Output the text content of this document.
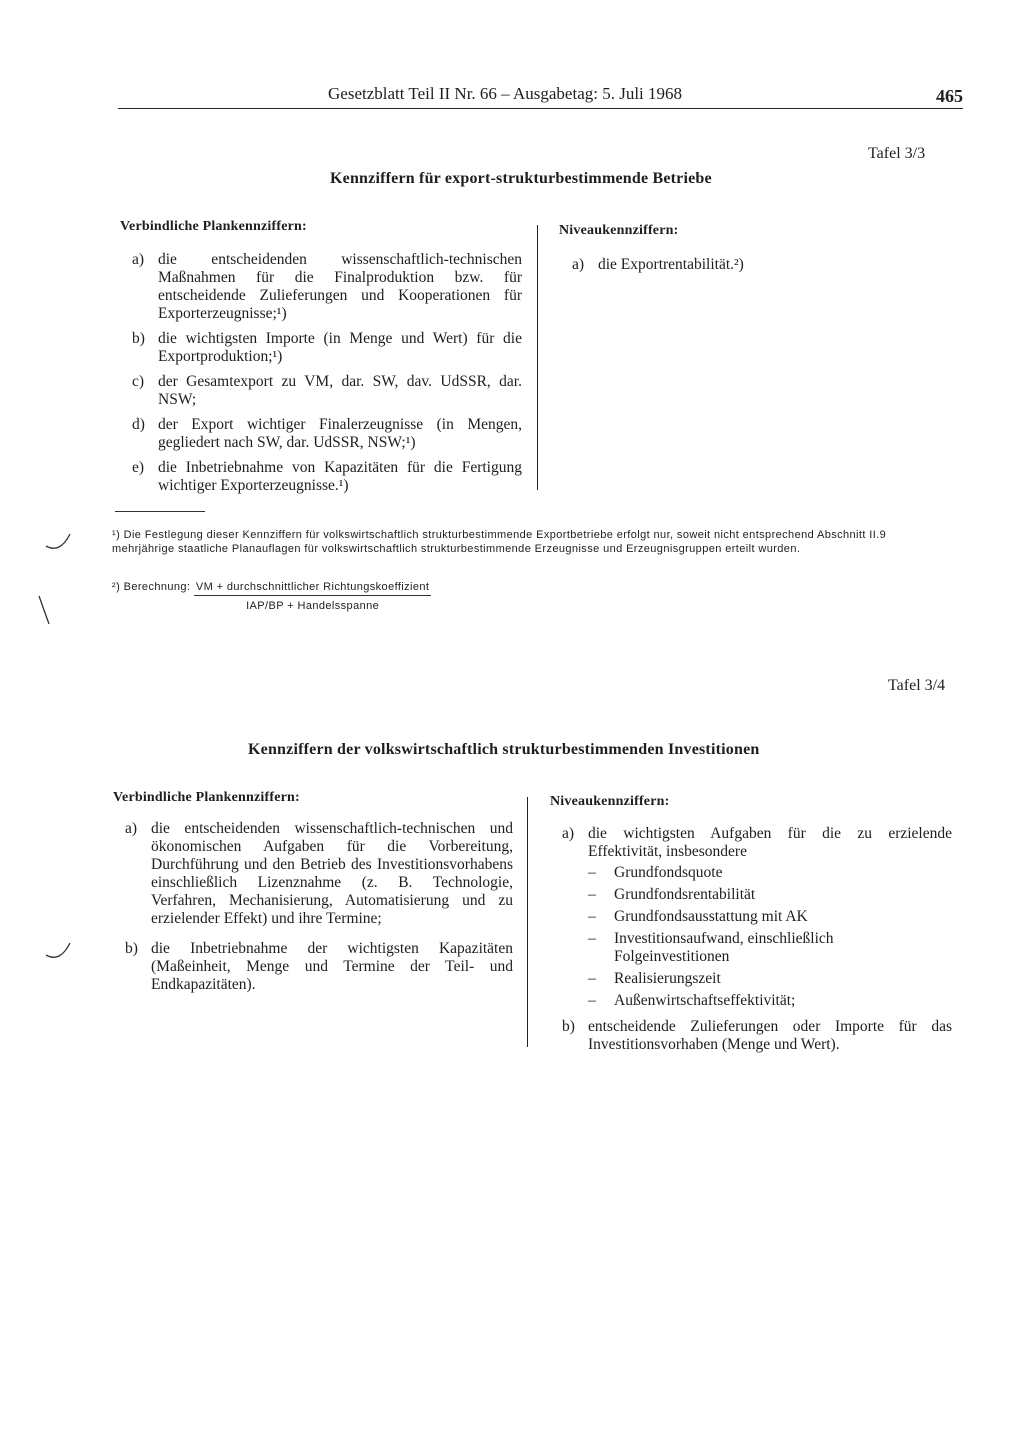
Gesetzblatt Teil II Nr. 66 – Ausgabetag: 5. Juli 1968	465
Tafel 3/3
Kennziffern für export-strukturbestimmende Betriebe
Verbindliche Plankennziffern:
a) die entscheidenden wissenschaftlich-technischen Maßnahmen für die Finalproduktion bzw. für entscheidende Zulieferungen und Kooperationen für Exporterzeugnisse;¹)
b) die wichtigsten Importe (in Menge und Wert) für die Exportproduktion;¹)
c) der Gesamtexport zu VM, dar. SW, dav. UdSSR, dar. NSW;
d) der Export wichtiger Finalerzeugnisse (in Mengen, gegliedert nach SW, dar. UdSSR, NSW;¹)
e) die Inbetriebnahme von Kapazitäten für die Fertigung wichtiger Exporterzeugnisse.¹)
Niveaukennziffern:
a) die Exportrentabilität.²)
¹) Die Festlegung dieser Kennziffern für volkswirtschaftlich strukturbestimmende Exportbetriebe erfolgt nur, soweit nicht entsprechend Abschnitt II.9 mehrjährige staatliche Planauflagen für volkswirtschaftlich strukturbestimmende Erzeugnisse und Erzeugnisgruppen erteilt wurden.
²) Berechnung: $\frac{\text{VM + durchschnittlicher Richtungskoeffizient}}{\text{IAP/BP + Handelsspanne}}$
Tafel 3/4
Kennziffern der volkswirtschaftlich strukturbestimmenden Investitionen
Verbindliche Plankennziffern:
a) die entscheidenden wissenschaftlich-technischen und ökonomischen Aufgaben für die Vorbereitung, Durchführung und den Betrieb des Investitionsvorhabens einschließlich Lizenznahme (z. B. Technologie, Verfahren, Mechanisierung, Automatisierung und zu erzielender Effekt) und ihre Termine;
b) die Inbetriebnahme der wichtigsten Kapazitäten (Maßeinheit, Menge und Termine der Teil- und Endkapazitäten).
Niveaukennziffern:
a) die wichtigsten Aufgaben für die zu erzielende Effektivität, insbesondere
– Grundfondsquote
– Grundfondsrentabilität
– Grundfondsausstattung mit AK
– Investitionsaufwand, einschließlich Folgeinvestitionen
– Realisierungszeit
– Außenwirtschaftseffektivität;
b) entscheidende Zulieferungen oder Importe für das Investitionsvorhaben (Menge und Wert).
